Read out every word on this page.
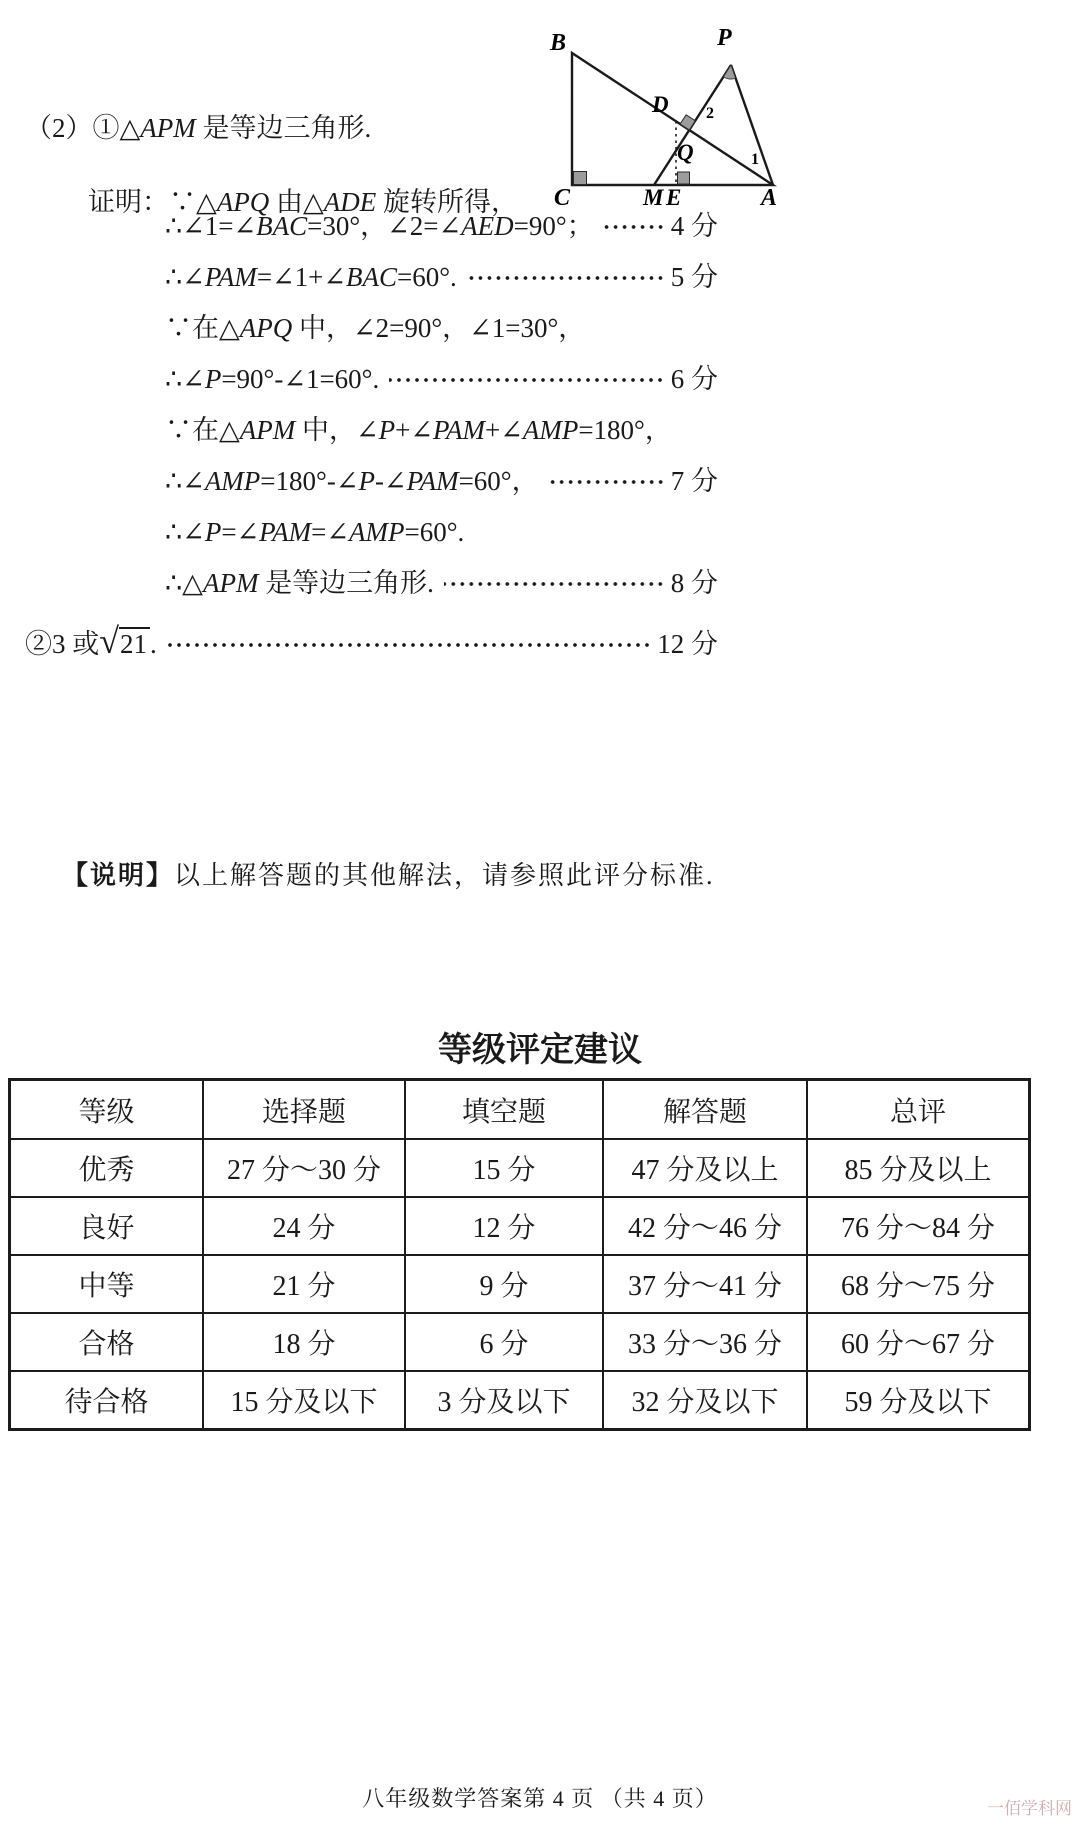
B
C	A
P
D
Q
M E
2
1
（2）①△APM 是等边三角形.
证明：∵△APQ 由△ADE 旋转所得，
∴∠1=∠BAC=30°，∠2=∠AED=90°；	4 分
∴∠PAM=∠1+∠BAC=60°.	5 分
∵在△APQ 中，∠2=90°，∠1=30°，
∴∠P=90°-∠1=60°.	6 分
∵在△APM 中，∠P+∠PAM+∠AMP=180°，
∴∠AMP=180°-∠P-∠PAM=60°，	7 分
∴∠P=∠PAM=∠AMP=60°.
∴△APM 是等边三角形.	8 分
②3 或 √21 .	12 分
【说明】以上解答题的其他解法，请参照此评分标准.
等级评定建议
等级	选择题	填空题	解答题	总评
优秀	27 分～30 分	15 分	47 分及以上	85 分及以上
良好	24 分	12 分	42 分～46 分	76 分～84 分
中等	21 分	9 分	37 分～41 分	68 分～75 分
合格	18 分	6 分	33 分～36 分	60 分～67 分
待合格	15 分及以下	3 分及以下	32 分及以下	59 分及以下
八年级数学答案第 4 页 （共 4 页）	一佰学科网
